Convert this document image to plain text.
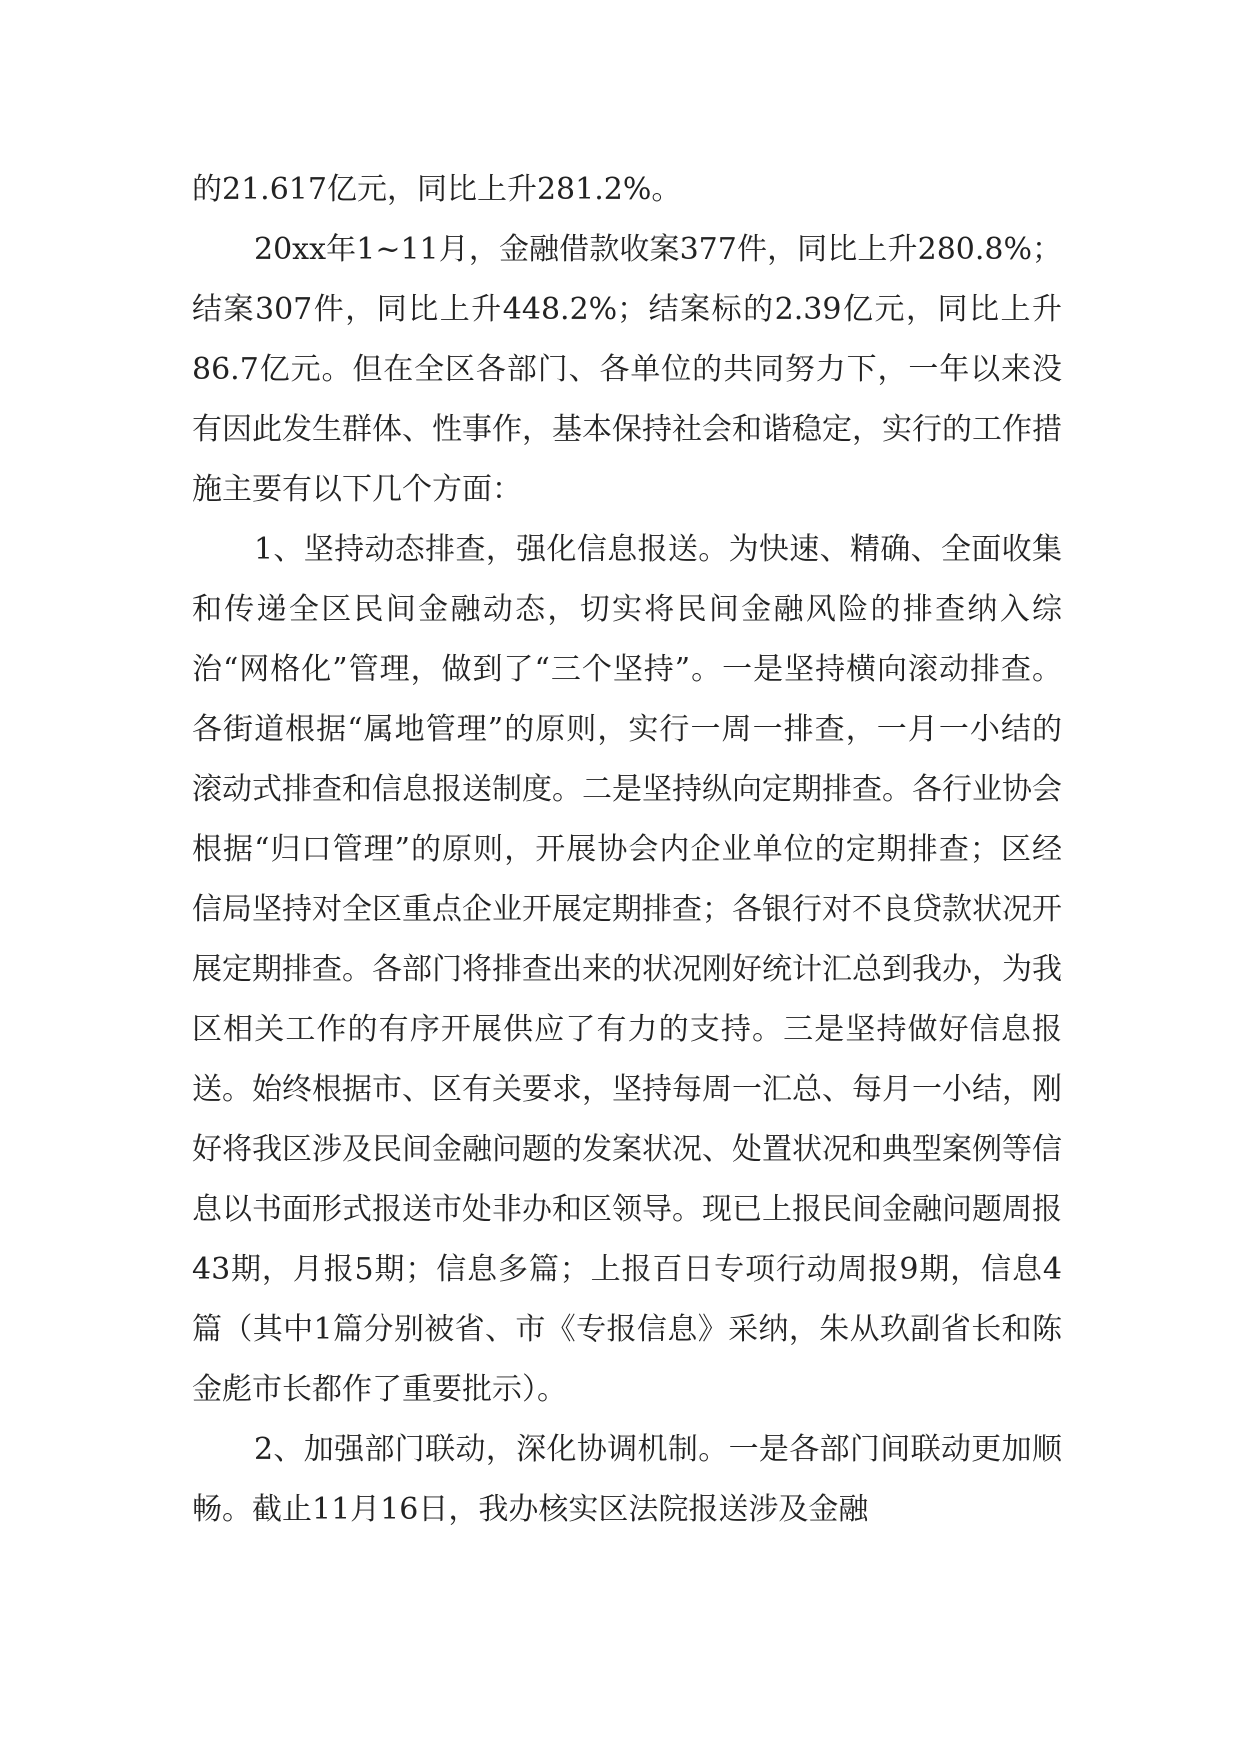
的21.617亿元，同比上升281.2%。

20xx年1~11月，金融借款收案377件，同比上升280.8%；结案307件，同比上升448.2%；结案标的2.39亿元，同比上升86.7亿元。但在全区各部门、各单位的共同努力下，一年以来没有因此发生群体、性事作，基本保持社会和谐稳定，实行的工作措施主要有以下几个方面：

1、坚持动态排查，强化信息报送。为快速、精确、全面收集和传递全区民间金融动态，切实将民间金融风险的排查纳入综治“网格化”管理，做到了“三个坚持”。一是坚持横向滚动排查。各街道根据“属地管理”的原则，实行一周一排查，一月一小结的滚动式排查和信息报送制度。二是坚持纵向定期排查。各行业协会根据“归口管理”的原则，开展协会内企业单位的定期排查；区经信局坚持对全区重点企业开展定期排查；各银行对不良贷款状况开展定期排查。各部门将排查出来的状况刚好统计汇总到我办，为我区相关工作的有序开展供应了有力的支持。三是坚持做好信息报送。始终根据市、区有关要求，坚持每周一汇总、每月一小结，刚好将我区涉及民间金融问题的发案状况、处置状况和典型案例等信息以书面形式报送市处非办和区领导。现已上报民间金融问题周报43期，月报5期；信息多篇；上报百日专项行动周报9期，信息4篇（其中1篇分别被省、市《专报信息》采纳，朱从玖副省长和陈金彪市长都作了重要批示）。

2、加强部门联动，深化协调机制。一是各部门间联动更加顺畅。截止11月16日，我办核实区法院报送涉及金融
